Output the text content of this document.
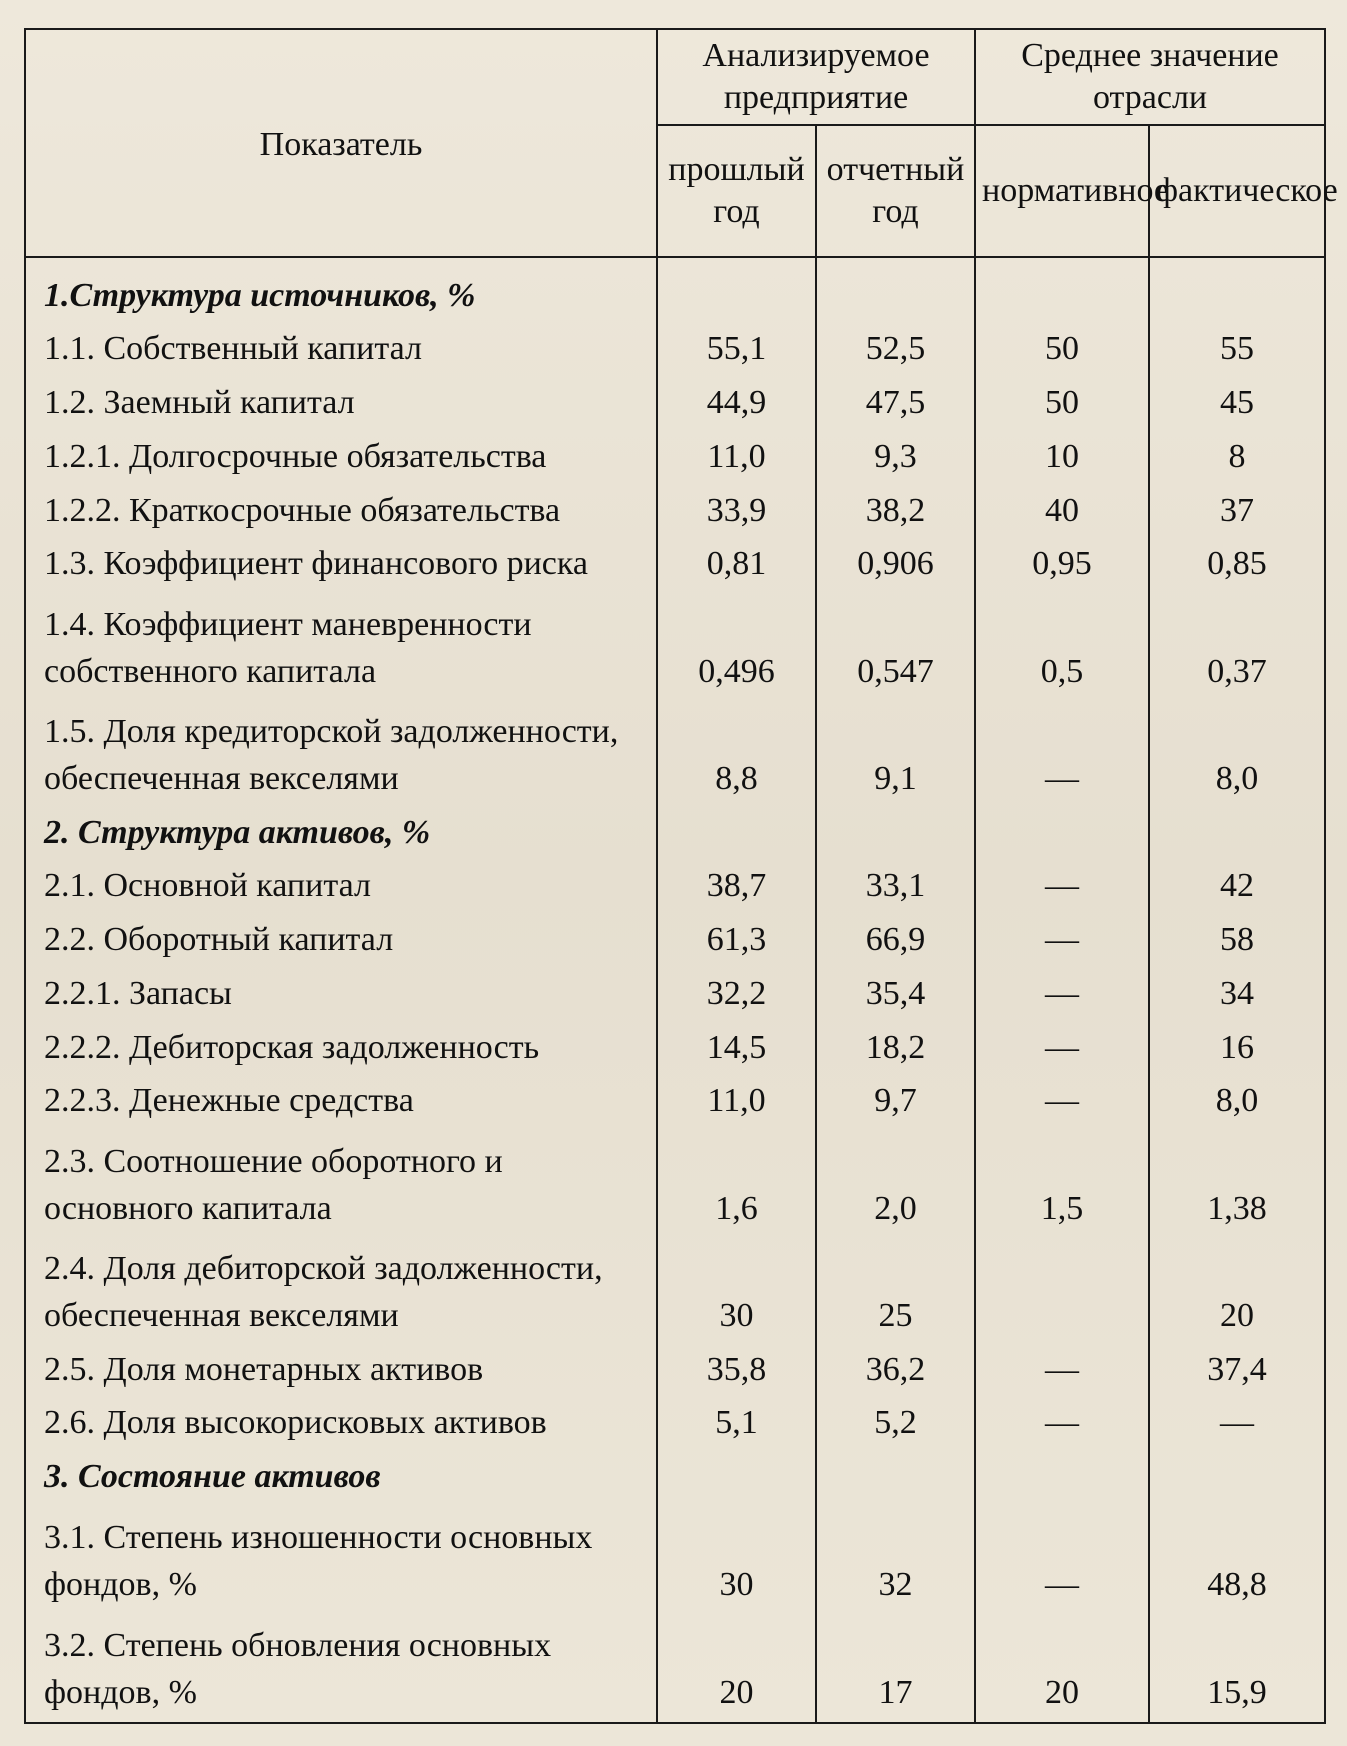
Показатель	Анализируемое предприятие		Среднее значение отрасли	
	прошлый год	отчетный год	нормативное	фактическое
1.Структура источников, %				
1.1. Собственный капитал	55,1	52,5	50	55
1.2. Заемный капитал	44,9	47,5	50	45
1.2.1. Долгосрочные обязательства	11,0	9,3	10	8
1.2.2. Краткосрочные обязательства	33,9	38,2	40	37
1.3. Коэффициент финансового риска	0,81	0,906	0,95	0,85
1.4. Коэффициент маневренности собственного капитала	0,496	0,547	0,5	0,37
1.5. Доля кредиторской задолженности, обеспеченная векселями	8,8	9,1	—	8,0
2. Структура активов, %				
2.1. Основной капитал	38,7	33,1	—	42
2.2. Оборотный капитал	61,3	66,9	—	58
2.2.1. Запасы	32,2	35,4	—	34
2.2.2. Дебиторская задолженность	14,5	18,2	—	16
2.2.3. Денежные средства	11,0	9,7	—	8,0
2.3. Соотношение оборотного и основного капитала	1,6	2,0	1,5	1,38
2.4. Доля дебиторской задолженности, обеспеченная векселями	30	25		20
2.5. Доля монетарных активов	35,8	36,2	—	37,4
2.6. Доля высокорисковых активов	5,1	5,2	—	—
3. Состояние активов				
3.1. Степень изношенности основных фондов, %	30	32	—	48,8
3.2. Степень обновления основных фондов, %	20	17	20	15,9
